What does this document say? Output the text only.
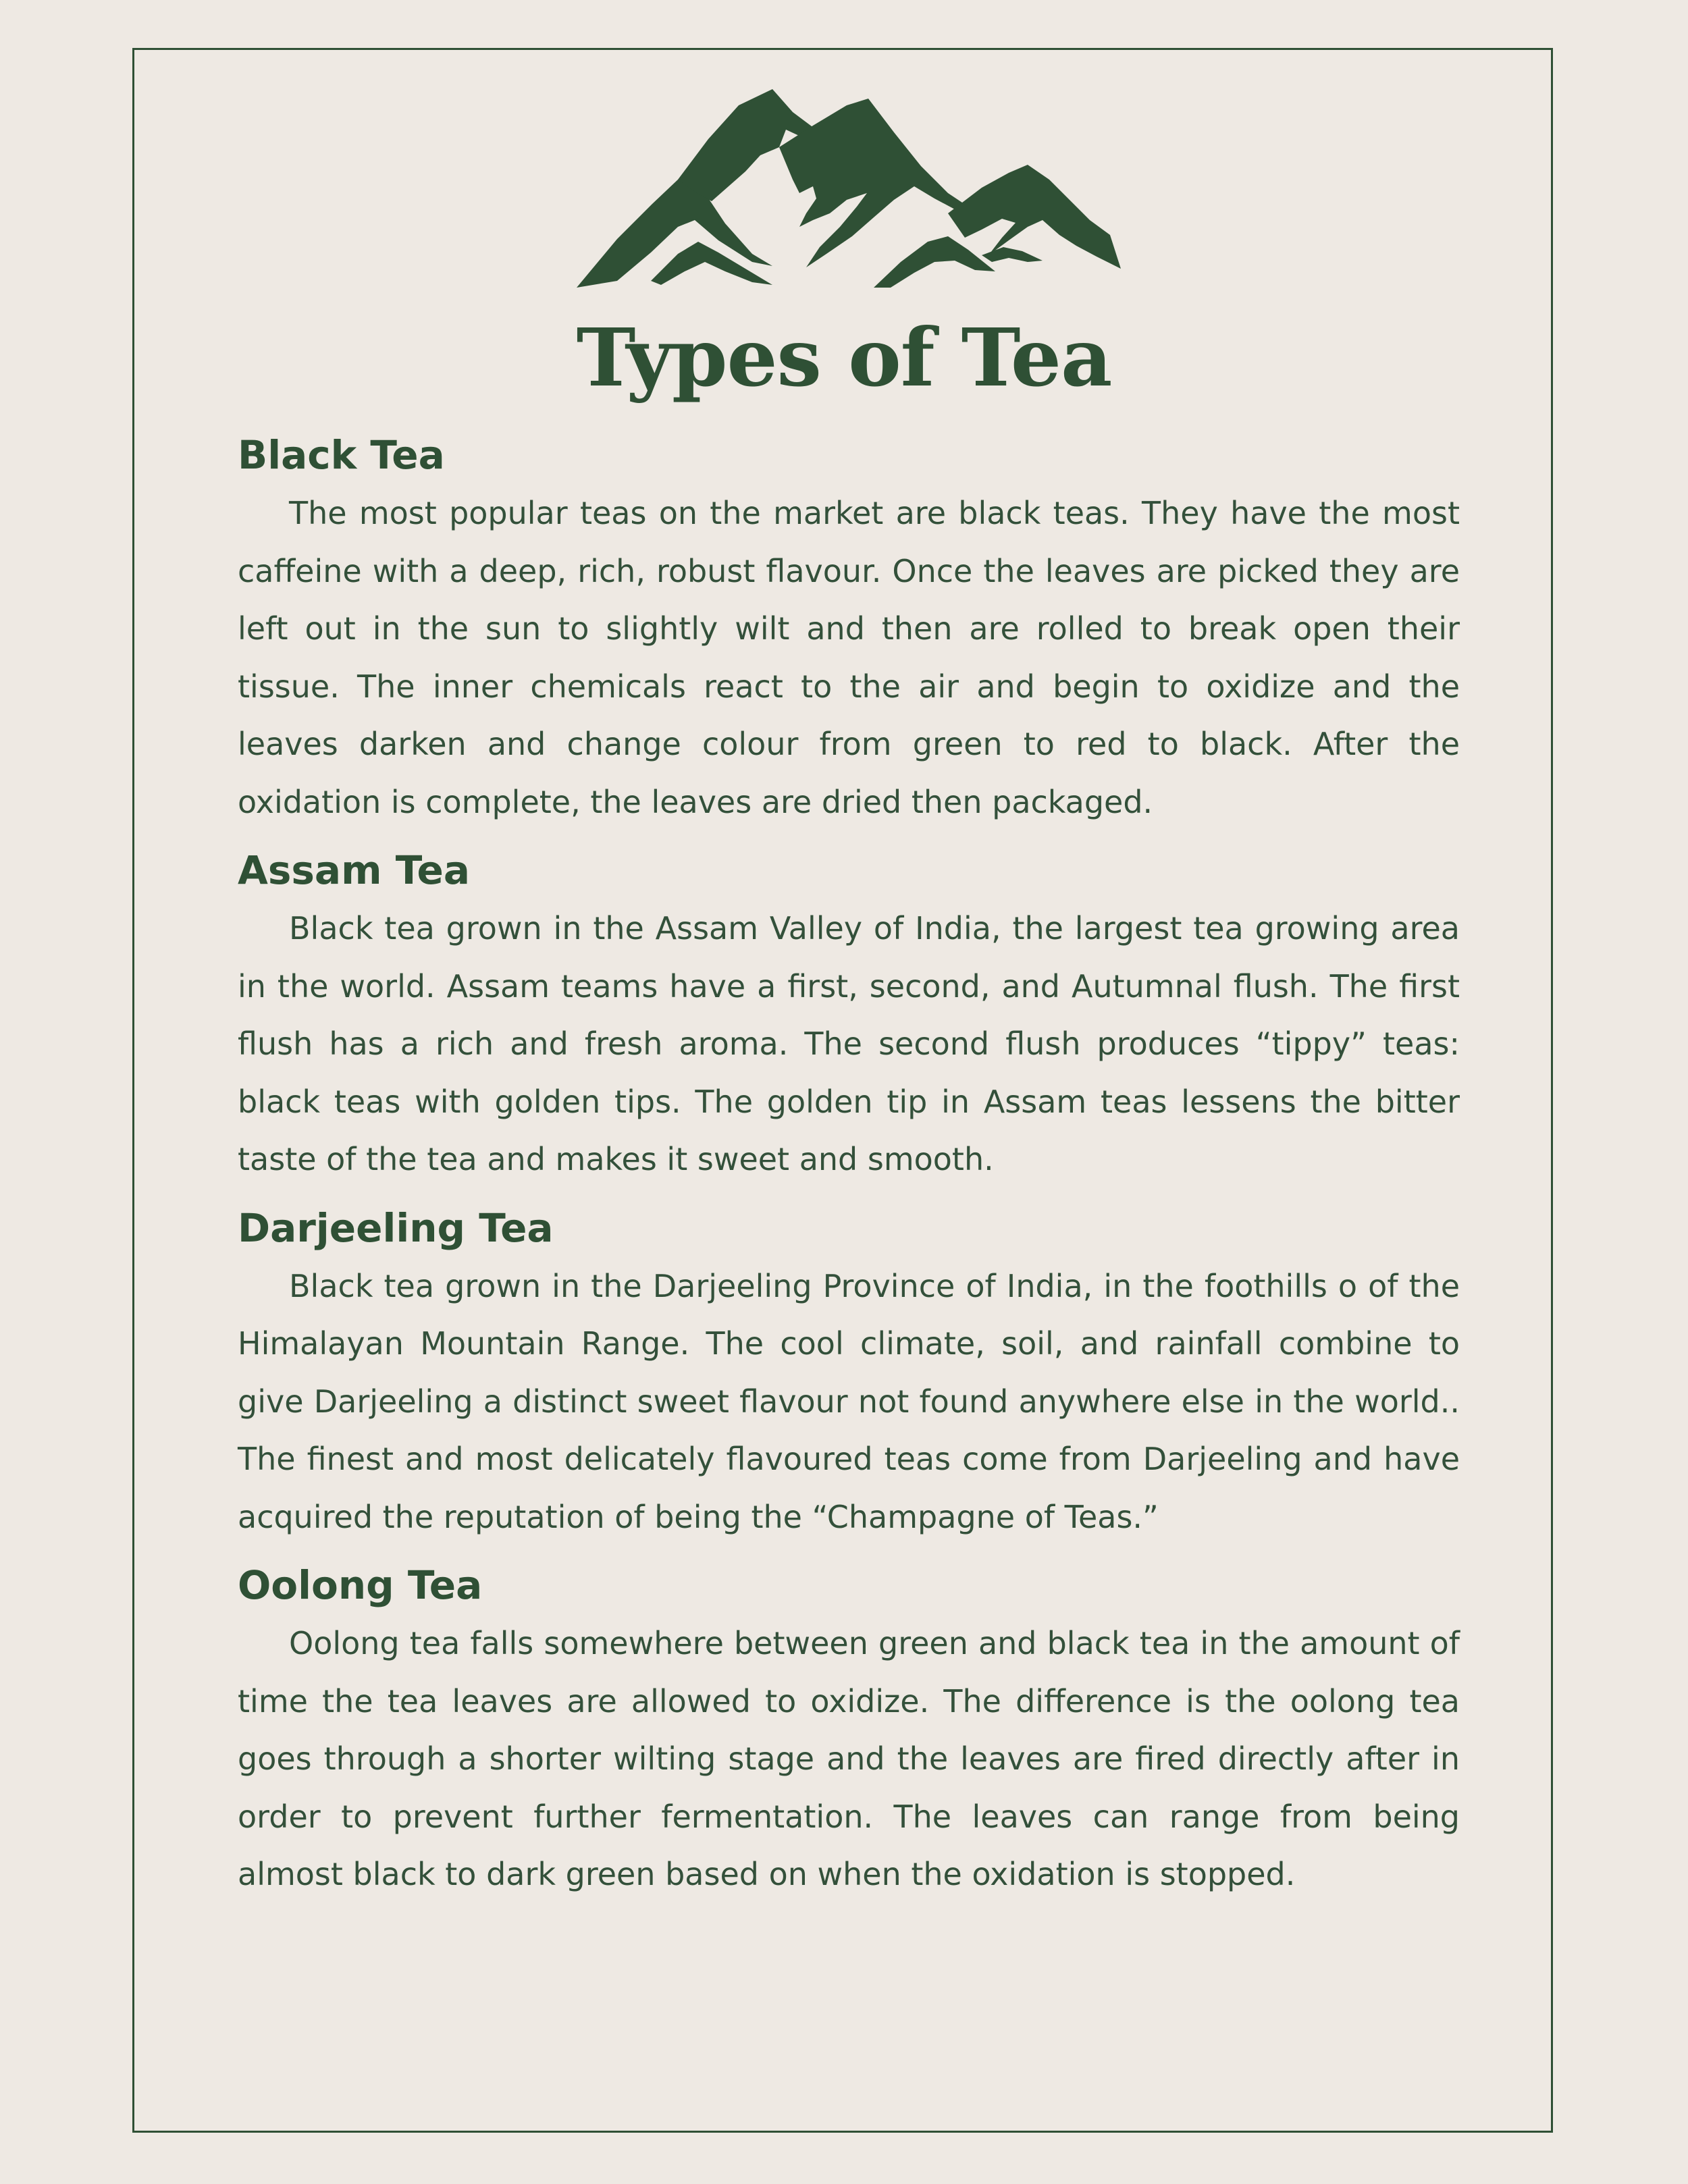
Types of Tea
Black Tea

The most popular teas on the market are black teas. They have the most caffeine with a deep, rich, robust flavour. Once the leaves are picked they are left out in the sun to slightly wilt and then are rolled to break open their tissue. The inner chemicals react to the air and begin to oxidize and the leaves darken and change colour from green to red to black. After the oxidation is complete, the leaves are dried then packaged.

Assam Tea

Black tea grown in the Assam Valley of India, the largest tea growing area in the world. Assam teams have a first, second, and Autumnal flush. The first flush has a rich and fresh aroma. The second flush produces “tippy” teas: black teas with golden tips. The golden tip in Assam teas lessens the bitter taste of the tea and makes it sweet and smooth.

Darjeeling Tea

Black tea grown in the Darjeeling Province of India, in the foothills o of the Himalayan Mountain Range. The cool climate, soil, and rainfall combine to give Darjeeling a distinct sweet flavour not found anywhere else in the world.. The finest and most delicately flavoured teas come from Darjeeling and have acquired the reputation of being the “Champagne of Teas.”

Oolong Tea

Oolong tea falls somewhere between green and black tea in the amount of time the tea leaves are allowed to oxidize. The difference is the oolong tea goes through a shorter wilting stage and the leaves are fired directly after in order to prevent further fermentation. The leaves can range from being almost black to dark green based on when the oxidation is stopped.
